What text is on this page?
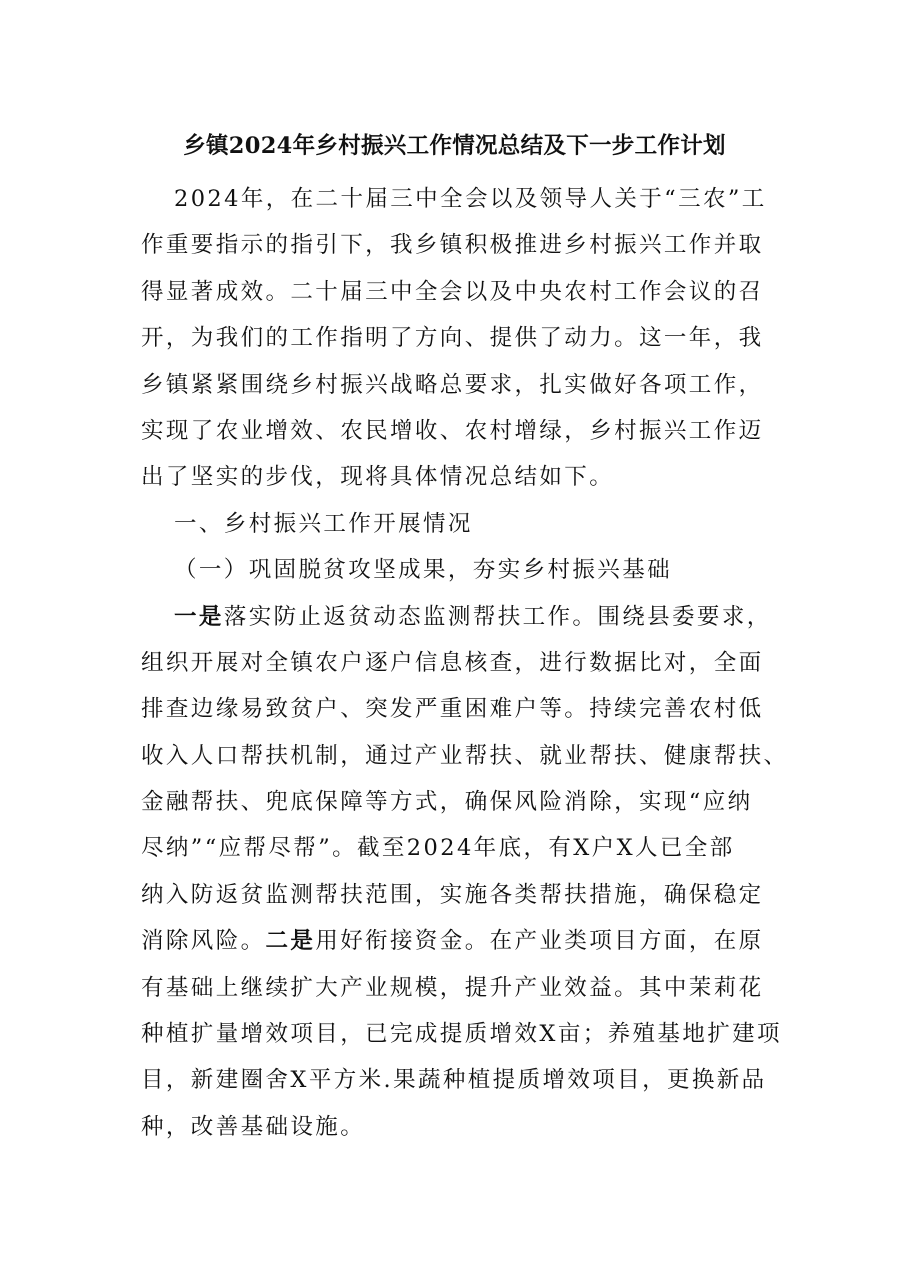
乡镇2024年乡村振兴工作情况总结及下一步工作计划
2024年，在二十届三中全会以及领导人关于“三农”工
作重要指示的指引下，我乡镇积极推进乡村振兴工作并取
得显著成效。二十届三中全会以及中央农村工作会议的召
开，为我们的工作指明了方向、提供了动力。这一年，我
乡镇紧紧围绕乡村振兴战略总要求，扎实做好各项工作，
实现了农业增效、农民增收、农村增绿，乡村振兴工作迈
出了坚实的步伐，现将具体情况总结如下。
一、乡村振兴工作开展情况
（一）巩固脱贫攻坚成果，夯实乡村振兴基础
一是落实防止返贫动态监测帮扶工作。围绕县委要求，
组织开展对全镇农户逐户信息核查，进行数据比对，全面
排查边缘易致贫户、突发严重困难户等。持续完善农村低
收入人口帮扶机制，通过产业帮扶、就业帮扶、健康帮扶、
金融帮扶、兜底保障等方式，确保风险消除，实现“应纳
尽纳”“应帮尽帮”。截至2024年底，有X户X人已全部
纳入防返贫监测帮扶范围，实施各类帮扶措施，确保稳定
消除风险。二是用好衔接资金。在产业类项目方面，在原
有基础上继续扩大产业规模，提升产业效益。其中茉莉花
种植扩量增效项目，已完成提质增效X亩；养殖基地扩建项
目，新建圈舍X平方米.果蔬种植提质增效项目，更换新品
种，改善基础设施。
